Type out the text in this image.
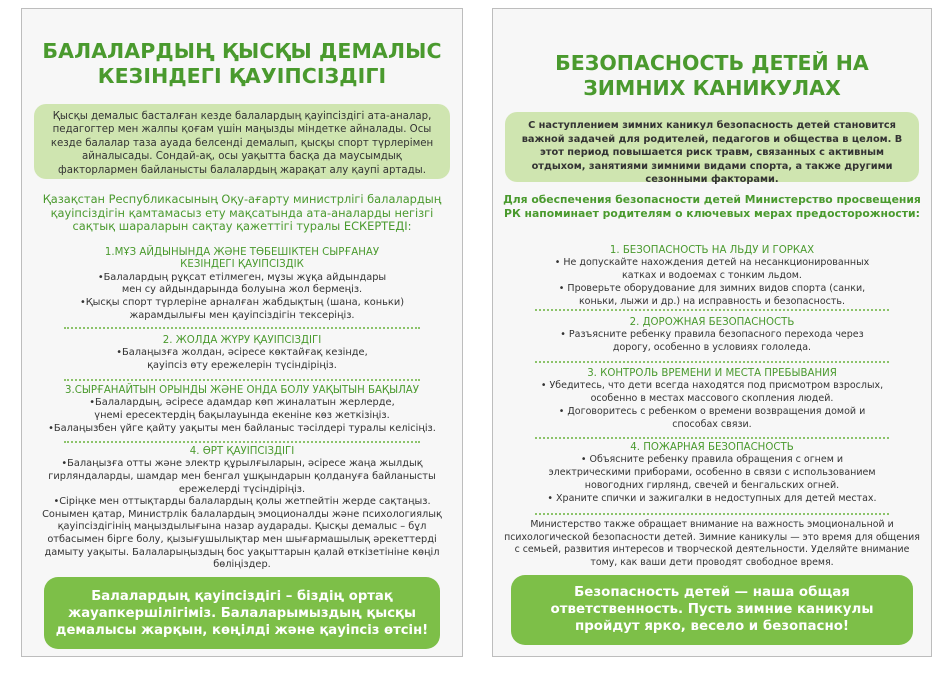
БАЛАЛАРДЫҢ ҚЫСҚЫ ДЕМАЛЫС
КЕЗІНДЕГІ ҚАУІПСІЗДІГІ
Қысқы демалыс басталған кезде балалардың қауіпсіздігі ата-аналар, педагогтер мен жалпы қоғам үшін маңызды міндетке айналады. Осы кезде балалар таза ауада белсенді демалып, қысқы спорт түрлерімен айналысады. Сондай-ақ, осы уақытта басқа да маусымдық факторлармен байланысты балалардың жарақат алу қаупі артады.
Қазақстан Республикасының Оқу-ағарту министрлігі балалардың қауіпсіздігін қамтамасыз ету мақсатында ата-аналарды негізгі сақтық шараларын сақтау қажеттігі туралы ЕСКЕРТЕДІ:
1.МҰЗ АЙДЫНЫНДА ЖӘНЕ ТӨБЕШІКТЕН СЫРҒАНАУ
КЕЗІНДЕГІ ҚАУІПСІЗДІК
•Балалардың рұқсат етілмеген, мұзы жұқа айдындары
мен су айдындарында болуына жол бермеңіз.
•Қысқы спорт түрлеріне арналған жабдықтың (шана, коньки)
жарамдылығы мен қауіпсіздігін тексеріңіз.
2. ЖОЛДА ЖҮРУ ҚАУІПСІЗДІГІ
•Балаңызға жолдан, әсіресе көктайғақ кезінде,
қауіпсіз өту ережелерін түсіндіріңіз.
3.СЫРҒАНАЙТЫН ОРЫНДЫ ЖӘНЕ ОНДА БОЛУ УАҚЫТЫН БАҚЫЛАУ
•Балалардың, әсіресе адамдар көп жиналатын жерлерде,
үнемі ересектердің бақылауында екеніне көз жеткізіңіз.
•Балаңызбен үйге қайту уақыты мен байланыс тәсілдері туралы келісіңіз.
4. ӨРТ ҚАУІПСІЗДІГІ
•Балаңызға отты және электр құрылғыларын, әсіресе жаңа жылдық гирляндаларды, шамдар мен бенгал ұшқындарын қолдануға байланысты ережелерді түсіндіріңіз.
•Сіріңке мен оттықтарды балалардың қолы жетпейтін жерде сақтаңыз.
Сонымен қатар, Министрлік балалардың эмоционалды және психологиялық қауіпсіздігінің маңыздылығына назар аударады. Қысқы демалыс – бұл отбасымен бірге болу, қызығушылықтар мен шығармашылық әрекеттерді дамыту уақыты. Балаларыңыздың бос уақыттарын қалай өткізетініне көңіл бөліңіздер.
Балалардың қауіпсіздігі – біздің ортақ жауапкершілігіміз. Балаларымыздың қысқы демалысы жарқын, көңілді және қауіпсіз өтсін!
БЕЗОПАСНОСТЬ ДЕТЕЙ НА
ЗИМНИХ КАНИКУЛАХ
С наступлением зимних каникул безопасность детей становится важной задачей для родителей, педагогов и общества в целом. В этот период повышается риск травм, связанных с активным отдыхом, занятиями зимними видами спорта, а также другими сезонными факторами.
Для обеспечения безопасности детей Министерство просвещения РК напоминает родителям о ключевых мерах предосторожности:
1. БЕЗОПАСНОСТЬ НА ЛЬДУ И ГОРКАХ
• Не допускайте нахождения детей на несанкционированных
катках и водоемах с тонким льдом.
• Проверьте оборудование для зимних видов спорта (санки,
коньки, лыжи и др.) на исправность и безопасность.
2. ДОРОЖНАЯ БЕЗОПАСНОСТЬ
• Разъясните ребенку правила безопасного перехода через
дорогу, особенно в условиях гололеда.
3. КОНТРОЛЬ ВРЕМЕНИ И МЕСТА ПРЕБЫВАНИЯ
• Убедитесь, что дети всегда находятся под присмотром взрослых,
особенно в местах массового скопления людей.
• Договоритесь с ребенком о времени возвращения домой и
способах связи.
4. ПОЖАРНАЯ БЕЗОПАСНОСТЬ
• Объясните ребенку правила обращения с огнем и
электрическими приборами, особенно в связи с использованием
новогодних гирлянд, свечей и бенгальских огней.
• Храните спички и зажигалки в недоступных для детей местах.
Министерство также обращает внимание на важность эмоциональной и психологической безопасности детей. Зимние каникулы — это время для общения с семьей, развития интересов и творческой деятельности. Уделяйте внимание тому, как ваши дети проводят свободное время.
Безопасность детей — наша общая ответственность. Пусть зимние каникулы пройдут ярко, весело и безопасно!
